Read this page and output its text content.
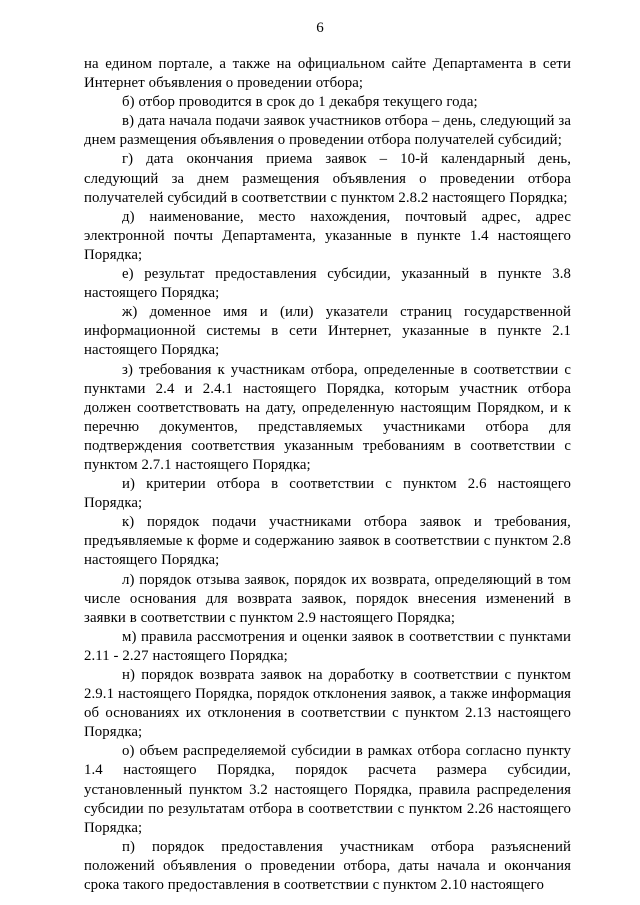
6

на едином портале, а также на официальном сайте Департамента в сети Интернет объявления о проведении отбора;

б) отбор проводится в срок до 1 декабря текущего года;

в) дата начала подачи заявок участников отбора – день, следующий за днем размещения объявления о проведении отбора получателей субсидий;

г) дата окончания приема заявок – 10-й календарный день, следующий за днем размещения объявления о проведении отбора получателей субсидий в соответствии с пунктом 2.8.2 настоящего Порядка;

д) наименование, место нахождения, почтовый адрес, адрес электронной почты Департамента, указанные в пункте 1.4 настоящего Порядка;

е) результат предоставления субсидии, указанный в пункте 3.8 настоящего Порядка;

ж) доменное имя и (или) указатели страниц государственной информационной системы в сети Интернет, указанные в пункте 2.1 настоящего Порядка;

з) требования к участникам отбора, определенные в соответствии с пунктами 2.4 и 2.4.1 настоящего Порядка, которым участник отбора должен соответствовать на дату, определенную настоящим Порядком, и к перечню документов, представляемых участниками отбора для подтверждения соответствия указанным требованиям в соответствии с пунктом 2.7.1 настоящего Порядка;

и) критерии отбора в соответствии с пунктом 2.6 настоящего Порядка;

к) порядок подачи участниками отбора заявок и требования, предъявляемые к форме и содержанию заявок в соответствии с пунктом 2.8 настоящего Порядка;

л) порядок отзыва заявок, порядок их возврата, определяющий в том числе основания для возврата заявок, порядок внесения изменений в заявки в соответствии с пунктом 2.9 настоящего Порядка;

м) правила рассмотрения и оценки заявок в соответствии с пунктами 2.11 - 2.27 настоящего Порядка;

н) порядок возврата заявок на доработку в соответствии с пунктом 2.9.1 настоящего Порядка, порядок отклонения заявок, а также информация об основаниях их отклонения в соответствии с пунктом 2.13 настоящего Порядка;

о) объем распределяемой субсидии в рамках отбора согласно пункту 1.4 настоящего Порядка, порядок расчета размера субсидии, установленный пунктом 3.2 настоящего Порядка, правила распределения субсидии по результатам отбора в соответствии с пунктом 2.26 настоящего Порядка;

п) порядок предоставления участникам отбора разъяснений положений объявления о проведении отбора, даты начала и окончания срока такого предоставления в соответствии с пунктом 2.10 настоящего
